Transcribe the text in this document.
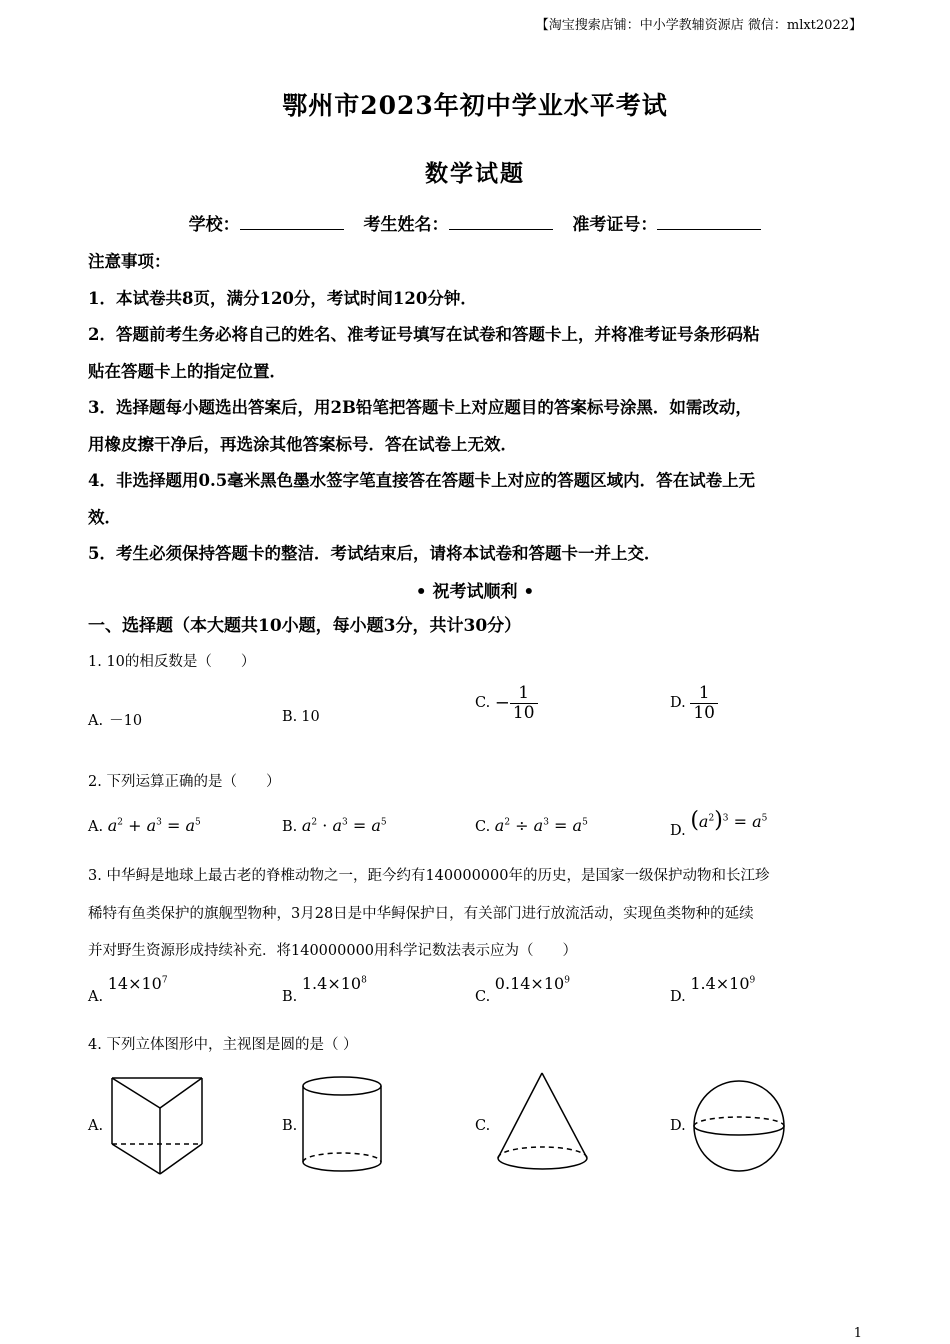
【淘宝搜索店铺：中小学教辅资源店 微信：mlxt2022】
鄂州市2023年初中学业水平考试
数学试题
学校：	考生姓名：	准考证号：
注意事项：
1．本试卷共8页，满分120分，考试时间120分钟．
2．答题前考生务必将自己的姓名、准考证号填写在试卷和答题卡上，并将准考证号条形码粘
贴在答题卡上的指定位置．
3．选择题每小题选出答案后，用2B铅笔把答题卡上对应题目的答案标号涂黑．如需改动，
用橡皮擦干净后，再选涂其他答案标号．答在试卷上无效．
4．非选择题用0.5毫米黑色墨水签字笔直接答在答题卡上对应的答题区域内．答在试卷上无
效．
5．考生必须保持答题卡的整洁．考试结束后，请将本试卷和答题卡一并上交．
• 祝考试顺利 •
一、选择题（本大题共10小题，每小题3分，共计30分）
1. 10的相反数是（　　）
A. －10	B. 10
C. − $\frac{1}{10}$	D. $\frac{1}{10}$
2. 下列运算正确的是（　　）
A. $a^2 + a^3 = a^5$	B. $a^2 \cdot a^3 = a^5$	C. $a^2 \div a^3 = a^5$
D. $(a^2)^3 = a^5$
3. 中华鲟是地球上最古老的脊椎动物之一，距今约有140000000年的历史，是国家一级保护动物和长江珍
稀特有鱼类保护的旗舰型物种，3月28日是中华鲟保护日，有关部门进行放流活动，实现鱼类物种的延续
并对野生资源形成持续补充．将140000000用科学记数法表示应为（　　）
A. $14\times 10^7$
B. $1.4\times 10^8$
C. $0.14\times 10^9$
D. $1.4\times 10^9$
4. 下列立体图形中，主视图是圆的是（ ）
A.	B.	C.	D.
1
